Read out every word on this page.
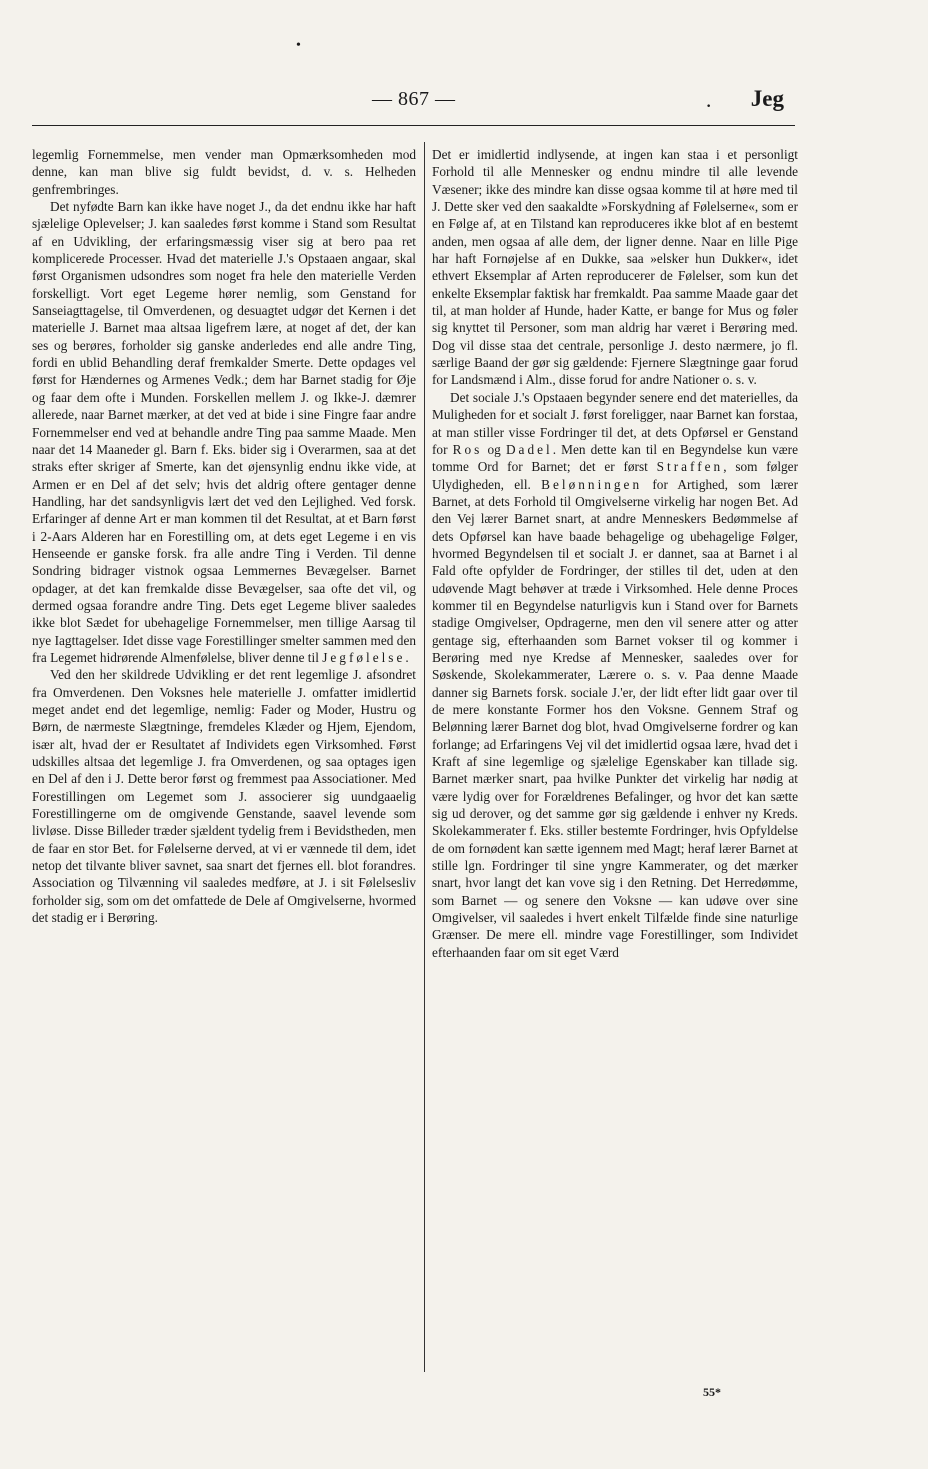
•
— 867 —	· Jeg

legemlig Fornemmelse, men vender man Opmærksomheden mod denne, kan man blive sig fuldt bevidst, d. v. s. Helheden genfrembringes.

Det nyfødte Barn kan ikke have noget J., da det endnu ikke har haft sjælelige Oplevelser; J. kan saaledes først komme i Stand som Resultat af en Udvikling, der erfaringsmæssig viser sig at bero paa ret komplicerede Processer. Hvad det materielle J.'s Opstaaen angaar, skal først Organismen udsondres som noget fra hele den materielle Verden forskelligt. Vort eget Legeme hører nemlig, som Genstand for Sanseiagttagelse, til Omverdenen, og desuagtet udgør det Kernen i det materielle J. Barnet maa altsaa ligefrem lære, at noget af det, der kan ses og berøres, forholder sig ganske anderledes end alle andre Ting, fordi en ublid Behandling deraf fremkalder Smerte. Dette opdages vel først for Hændernes og Armenes Vedk.; dem har Barnet stadig for Øje og faar dem ofte i Munden. Forskellen mellem J. og Ikke-J. dæmrer allerede, naar Barnet mærker, at det ved at bide i sine Fingre faar andre Fornemmelser end ved at behandle andre Ting paa samme Maade. Men naar det 14 Maaneder gl. Barn f. Eks. bider sig i Overarmen, saa at det straks efter skriger af Smerte, kan det øjensynlig endnu ikke vide, at Armen er en Del af det selv; hvis det aldrig oftere gentager denne Handling, har det sandsynligvis lært det ved den Lejlighed. Ved forsk. Erfaringer af denne Art er man kommen til det Resultat, at et Barn først i 2-Aars Alderen har en Forestilling om, at dets eget Legeme i en vis Henseende er ganske forsk. fra alle andre Ting i Verden. Til denne Sondring bidrager vistnok ogsaa Lemmernes Bevægelser. Barnet opdager, at det kan fremkalde disse Bevægelser, saa ofte det vil, og dermed ogsaa forandre andre Ting. Dets eget Legeme bliver saaledes ikke blot Sædet for ubehagelige Fornemmelser, men tillige Aarsag til nye Iagttagelser. Idet disse vage Forestillinger smelter sammen med den fra Legemet hidrørende Almenfølelse, bliver denne til Jegfølelse.

Ved den her skildrede Udvikling er det rent legemlige J. afsondret fra Omverdenen. Den Voksnes hele materielle J. omfatter imidlertid meget andet end det legemlige, nemlig: Fader og Moder, Hustru og Børn, de nærmeste Slægtninge, fremdeles Klæder og Hjem, Ejendom, især alt, hvad der er Resultatet af Individets egen Virksomhed. Først udskilles altsaa det legemlige J. fra Omverdenen, og saa optages igen en Del af den i J. Dette beror først og fremmest paa Associationer. Med Forestillingen om Legemet som J. associerer sig uundgaaelig Forestillingerne om de omgivende Genstande, saavel levende som livløse. Disse Billeder træder sjældent tydelig frem i Bevidstheden, men de faar en stor Bet. for Følelserne derved, at vi er vænnede til dem, idet netop det tilvante bliver savnet, saa snart det fjernes ell. blot forandres. Association og Tilvænning vil saaledes medføre, at J. i sit Følelsesliv forholder sig, som om det omfattede de Dele af Omgivelserne, hvormed det stadig er i Berøring.

Det er imidlertid indlysende, at ingen kan staa i et personligt Forhold til alle Mennesker og endnu mindre til alle levende Væsener; ikke des mindre kan disse ogsaa komme til at høre med til J. Dette sker ved den saakaldte »Forskydning af Følelserne«, som er en Følge af, at en Tilstand kan reproduceres ikke blot af en bestemt anden, men ogsaa af alle dem, der ligner denne. Naar en lille Pige har haft Fornøjelse af en Dukke, saa »elsker hun Dukker«, idet ethvert Eksemplar af Arten reproducerer de Følelser, som kun det enkelte Eksemplar faktisk har fremkaldt. Paa samme Maade gaar det til, at man holder af Hunde, hader Katte, er bange for Mus og føler sig knyttet til Personer, som man aldrig har været i Berøring med. Dog vil disse staa det centrale, personlige J. desto nærmere, jo fl. særlige Baand der gør sig gældende: Fjernere Slægtninge gaar forud for Landsmænd i Alm., disse forud for andre Nationer o. s. v.

Det sociale J.'s Opstaaen begynder senere end det materielles, da Muligheden for et socialt J. først foreligger, naar Barnet kan forstaa, at man stiller visse Fordringer til det, at dets Opførsel er Genstand for Ros og Dadel. Men dette kan til en Begyndelse kun være tomme Ord for Barnet; det er først Straffen, som følger Ulydigheden, ell. Belønningen for Artighed, som lærer Barnet, at dets Forhold til Omgivelserne virkelig har nogen Bet. Ad den Vej lærer Barnet snart, at andre Menneskers Bedømmelse af dets Opførsel kan have baade behagelige og ubehagelige Følger, hvormed Begyndelsen til et socialt J. er dannet, saa at Barnet i al Fald ofte opfylder de Fordringer, der stilles til det, uden at den udøvende Magt behøver at træde i Virksomhed. Hele denne Proces kommer til en Begyndelse naturligvis kun i Stand over for Barnets stadige Omgivelser, Opdragerne, men den vil senere atter og atter gentage sig, efterhaanden som Barnet vokser til og kommer i Berøring med nye Kredse af Mennesker, saaledes over for Søskende, Skolekammerater, Lærere o. s. v. Paa denne Maade danner sig Barnets forsk. sociale J.'er, der lidt efter lidt gaar over til de mere konstante Former hos den Voksne. Gennem Straf og Belønning lærer Barnet dog blot, hvad Omgivelserne fordrer og kan forlange; ad Erfaringens Vej vil det imidlertid ogsaa lære, hvad det i Kraft af sine legemlige og sjælelige Egenskaber kan tillade sig. Barnet mærker snart, paa hvilke Punkter det virkelig har nødig at være lydig over for Forældrenes Befalinger, og hvor det kan sætte sig ud derover, og det samme gør sig gældende i enhver ny Kreds. Skolekammerater f. Eks. stiller bestemte Fordringer, hvis Opfyldelse de om fornødent kan sætte igennem med Magt; heraf lærer Barnet at stille lgn. Fordringer til sine yngre Kammerater, og det mærker snart, hvor langt det kan vove sig i den Retning. Det Herredømme, som Barnet — og senere den Voksne — kan udøve over sine Omgivelser, vil saaledes i hvert enkelt Tilfælde finde sine naturlige Grænser. De mere ell. mindre vage Forestillinger, som Individet efterhaanden faar om sit eget Værd

55*
